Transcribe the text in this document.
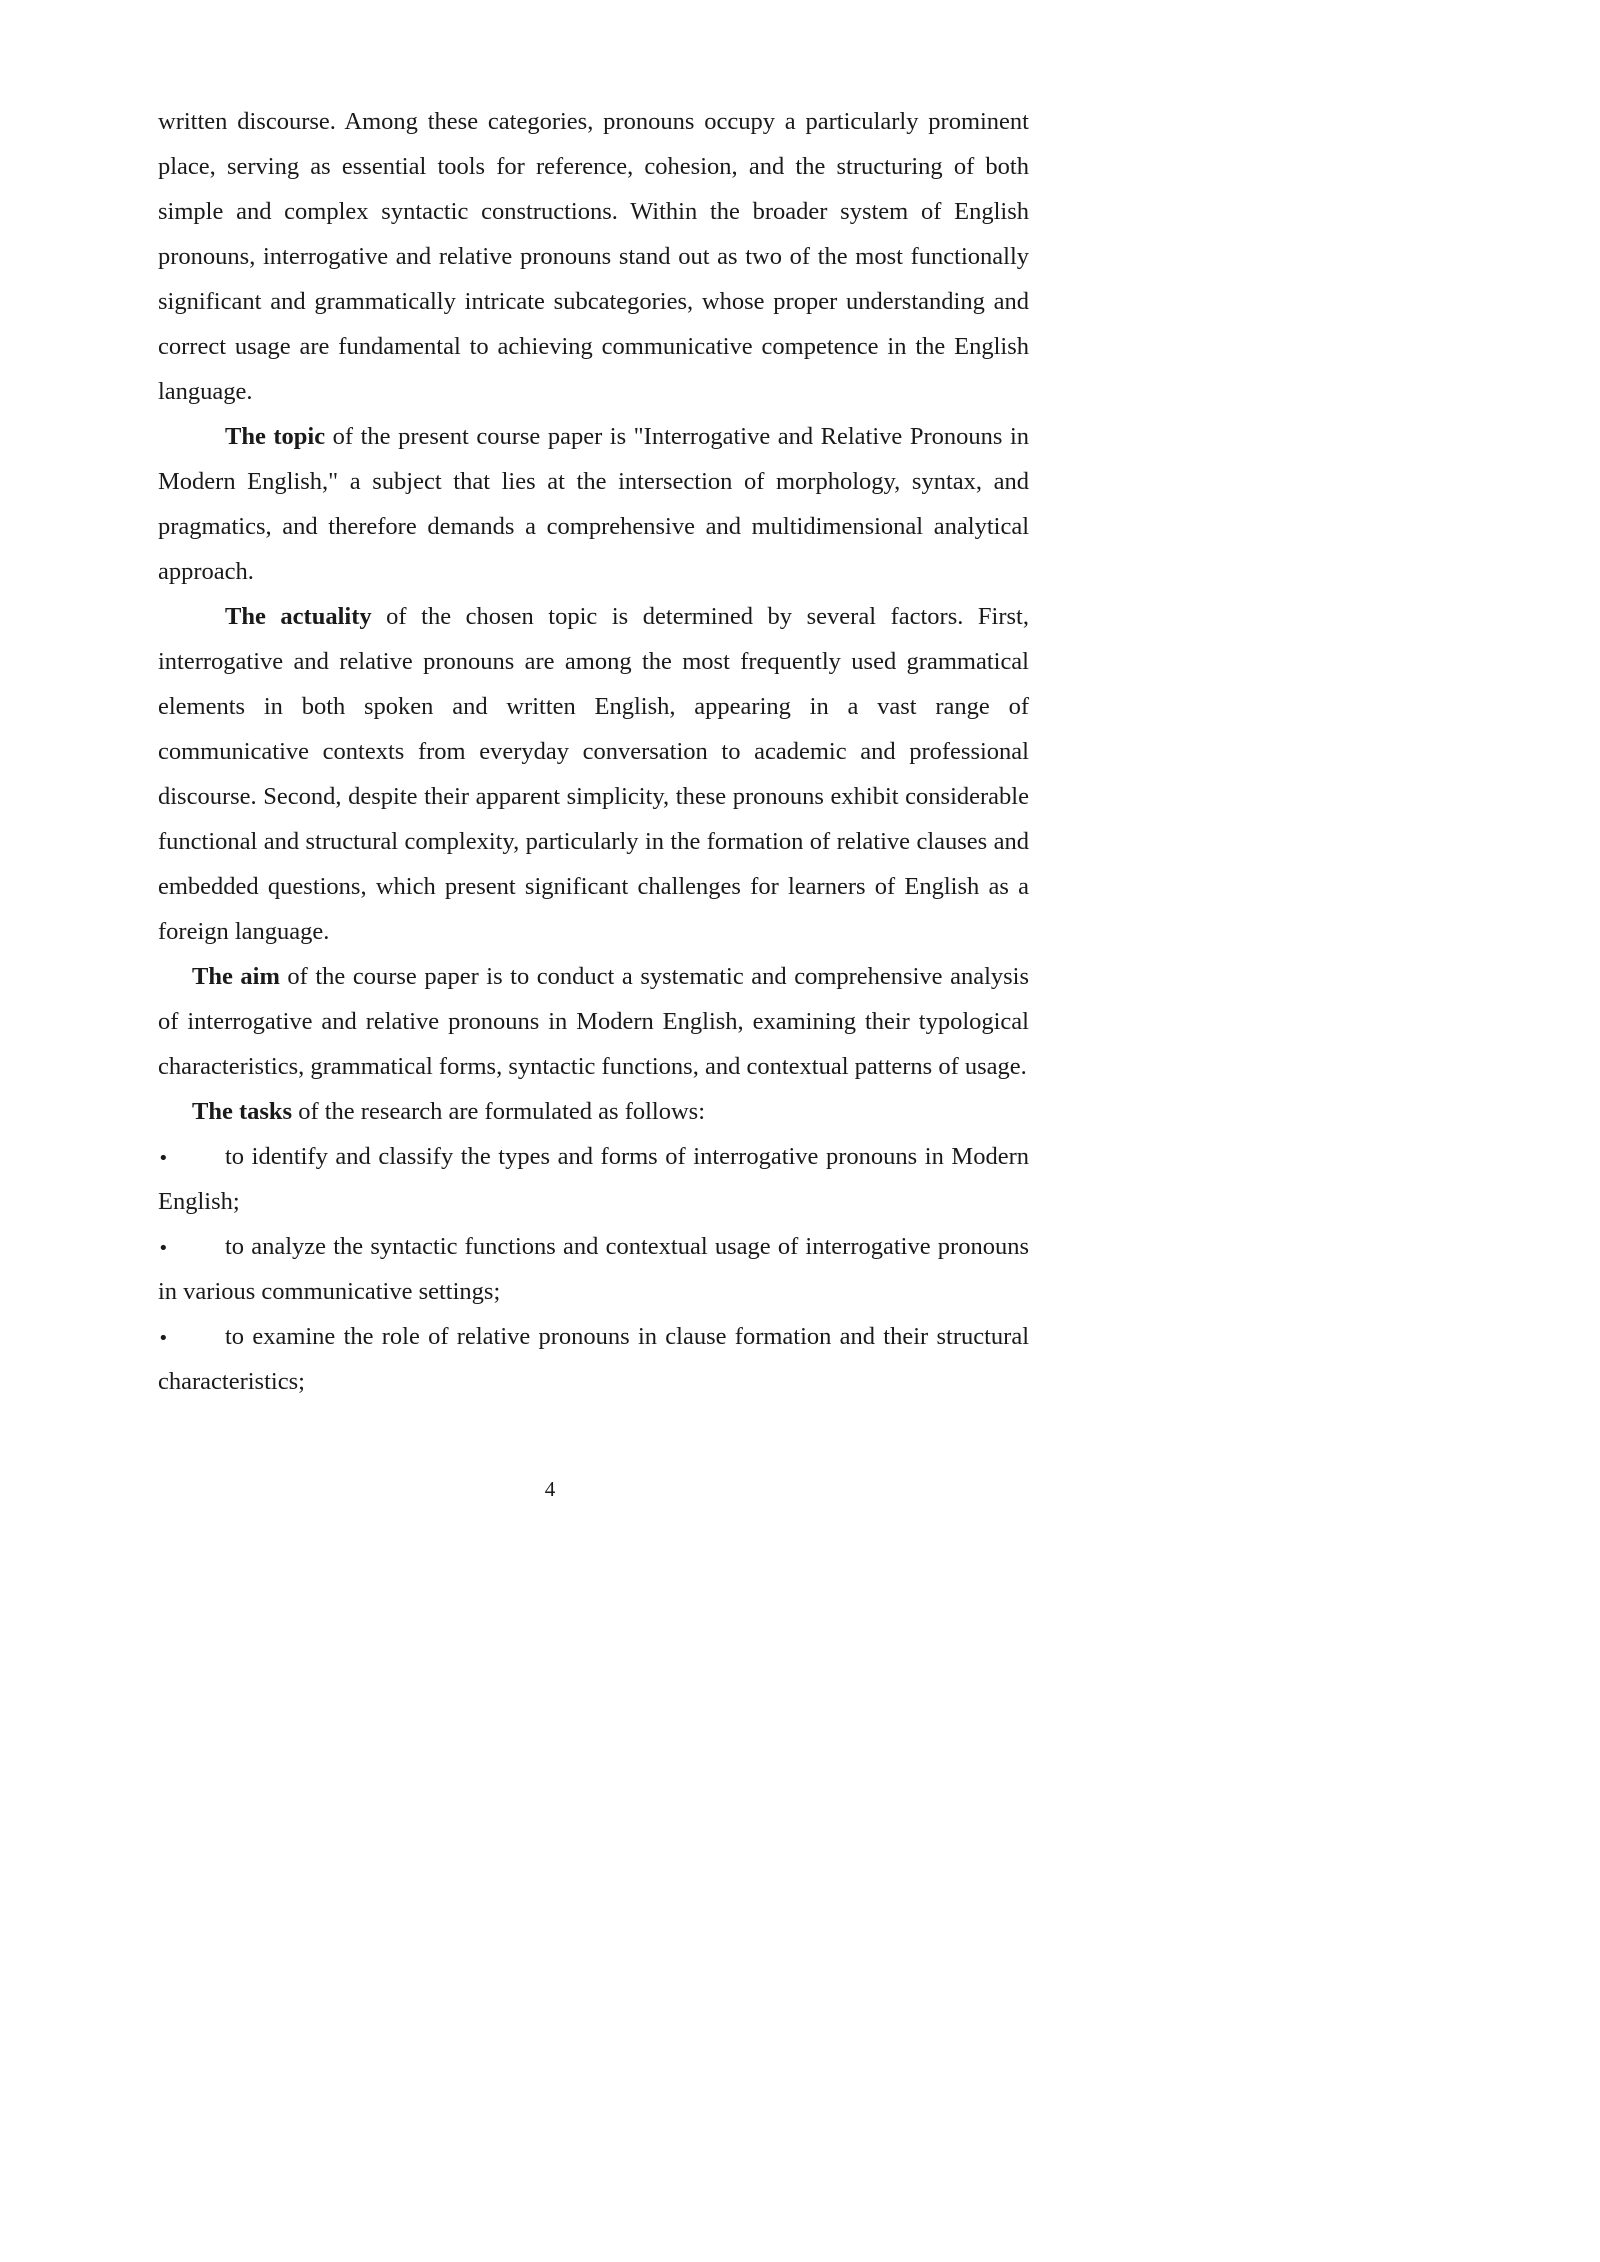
written discourse. Among these categories, pronouns occupy a particularly prominent place, serving as essential tools for reference, cohesion, and the structuring of both simple and complex syntactic constructions. Within the broader system of English pronouns, interrogative and relative pronouns stand out as two of the most functionally significant and grammatically intricate subcategories, whose proper understanding and correct usage are fundamental to achieving communicative competence in the English language.

The topic of the present course paper is "Interrogative and Relative Pronouns in Modern English," a subject that lies at the intersection of morphology, syntax, and pragmatics, and therefore demands a comprehensive and multidimensional analytical approach.

The actuality of the chosen topic is determined by several factors. First, interrogative and relative pronouns are among the most frequently used grammatical elements in both spoken and written English, appearing in a vast range of communicative contexts from everyday conversation to academic and professional discourse. Second, despite their apparent simplicity, these pronouns exhibit considerable functional and structural complexity, particularly in the formation of relative clauses and embedded questions, which present significant challenges for learners of English as a foreign language.

The aim of the course paper is to conduct a systematic and comprehensive analysis of interrogative and relative pronouns in Modern English, examining their typological characteristics, grammatical forms, syntactic functions, and contextual patterns of usage.

The tasks of the research are formulated as follows:

•
to identify and classify the types and forms of interrogative pronouns in Modern English;

•
to analyze the syntactic functions and contextual usage of interrogative pronouns in various communicative settings;

•
to examine the role of relative pronouns in clause formation and their structural characteristics;

4
